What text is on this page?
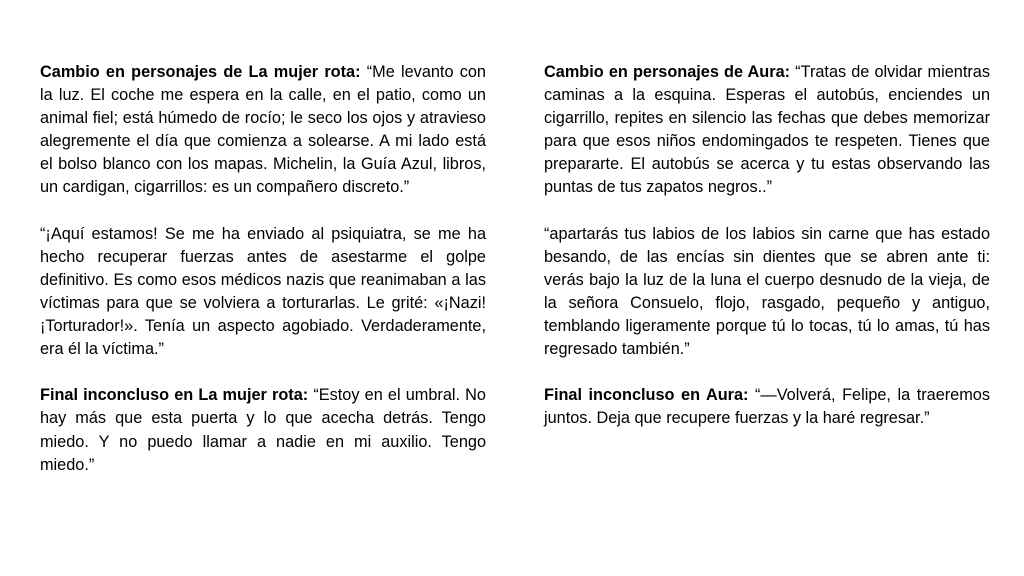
Cambio en personajes de La mujer rota: “Me levanto con la luz. El coche me espera en la calle, en el patio, como un animal fiel; está húmedo de rocío; le seco los ojos y atravieso alegremente el día que comienza a solearse. A mi lado está el bolso blanco con los mapas. Michelin, la Guía Azul, libros, un cardigan, cigarrillos: es un compañero discreto.”

“¡Aquí estamos! Se me ha enviado al psiquiatra, se me ha hecho recuperar fuerzas antes de asestarme el golpe definitivo. Es como esos médicos nazis que reanimaban a las víctimas para que se volviera a torturarlas. Le grité: «¡Nazi! ¡Torturador!». Tenía un aspecto agobiado. Verdaderamente, era él la víctima.”

Final inconcluso en La mujer rota: “Estoy en el umbral. No hay más que esta puerta y lo que acecha detrás. Tengo miedo. Y no puedo llamar a nadie en mi auxilio. Tengo miedo.”

Cambio en personajes de Aura: “Tratas de olvidar mientras caminas a la esquina. Esperas el autobús, enciendes un cigarrillo, repites en silencio las fechas que debes memorizar para que esos niños endomingados te respeten. Tienes que prepararte. El autobús se acerca y tu estas observando las puntas de tus zapatos negros..”

“apartarás tus labios de los labios sin carne que has estado besando, de las encías sin dientes que se abren ante ti: verás bajo la luz de la luna el cuerpo desnudo de la vieja, de la señora Consuelo, flojo, rasgado, pequeño y antiguo, temblando ligeramente porque tú lo tocas, tú lo amas, tú has regresado también.”

Final inconcluso en Aura: “—Volverá, Felipe, la traeremos juntos. Deja que recupere fuerzas y la haré regresar.”
